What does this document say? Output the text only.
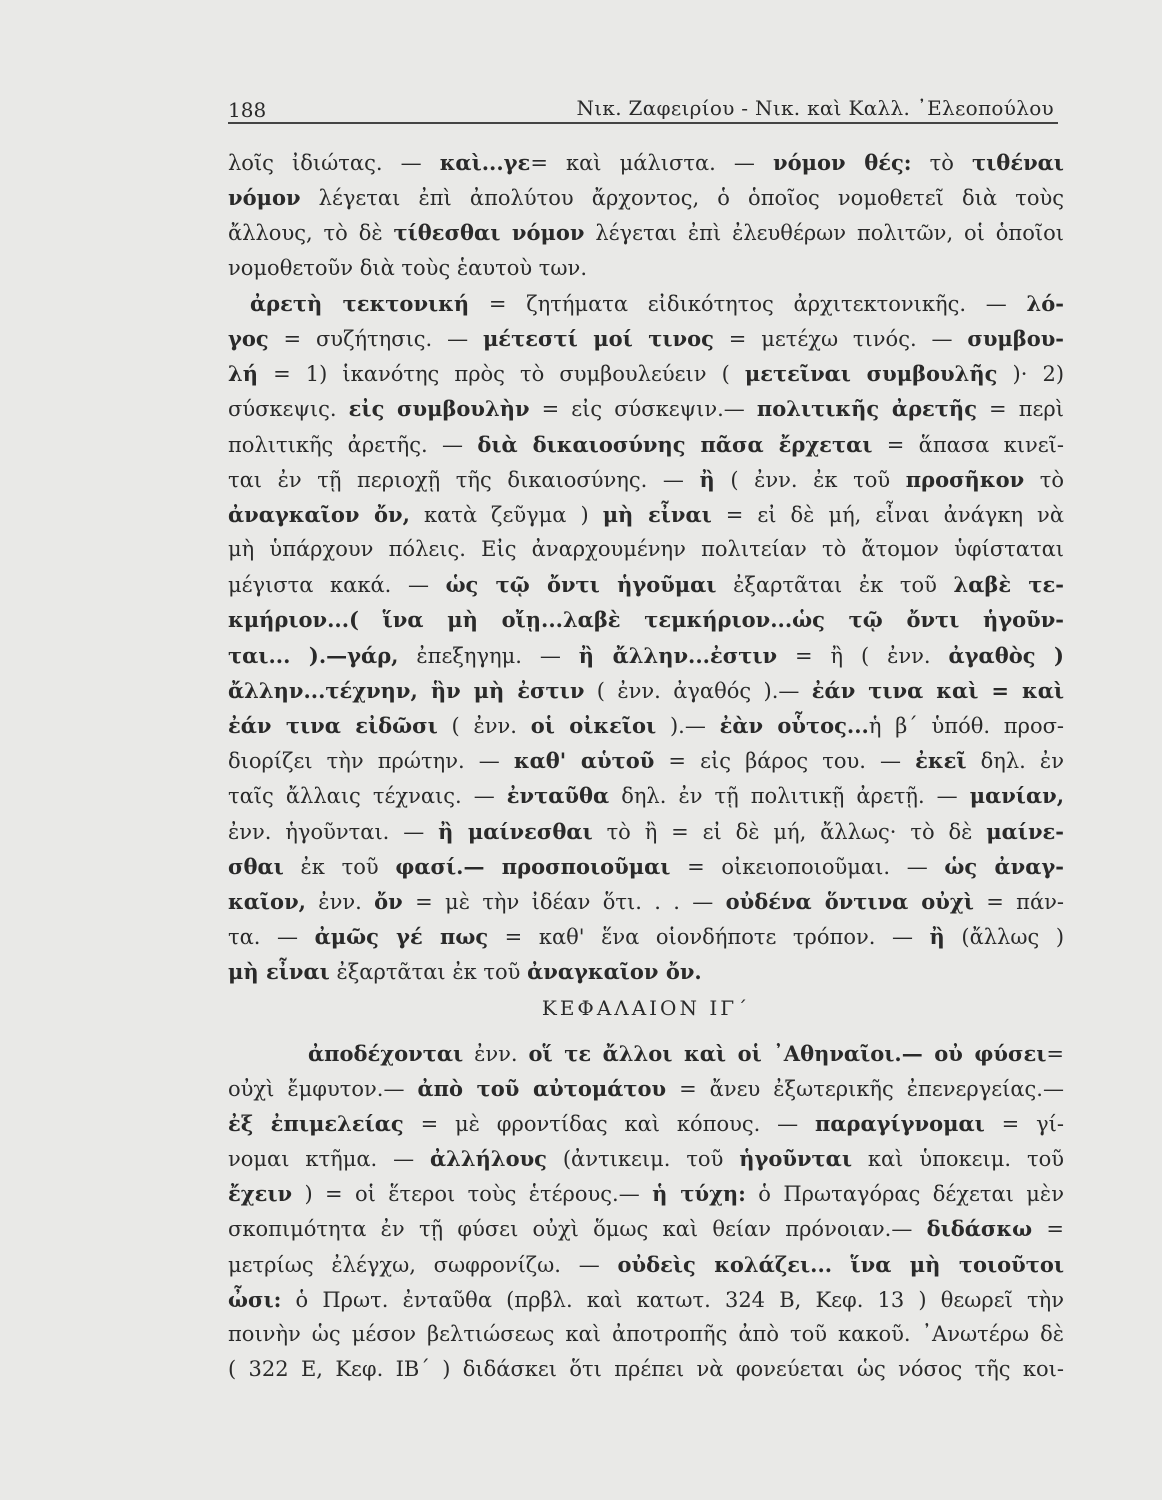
188	Νικ. Ζαφειρίου - Νικ. καὶ Καλλ. ᾿Ελεοπούλου
λοῖς ἰδιώτας. — καὶ...γε= καὶ μάλιστα. — νόμον θές: τὸ τιθέναι
νόμον λέγεται ἐπὶ ἀπολύτου ἄρχοντος, ὁ ὁποῖος νομοθετεῖ διὰ τοὺς
ἄλλους, τὸ δὲ τίθεσθαι νόμον λέγεται ἐπὶ ἐλευθέρων πολιτῶν, οἱ ὁποῖοι
νομοθετοῦν διὰ τοὺς ἑαυτοὺ των.
ἀρετὴ τεκτονική = ζητήματα εἰδικότητος ἀρχιτεκτονικῆς. — λό-
γος = συζήτησις. — μέτεστί μοί τινος = μετέχω τινός. — συμβου-
λή = 1) ἱκανότης πρὸς τὸ συμβουλεύειν ( μετεῖναι συμβουλῆς )· 2)
σύσκεψις. εἰς συμβουλὴν = εἰς σύσκεψιν.— πολιτικῆς ἀρετῆς = περὶ
πολιτικῆς ἀρετῆς. — διὰ δικαιοσύνης πᾶσα ἔρχεται = ἅπασα κινεῖ-
ται ἐν τῇ περιοχῇ τῆς δικαιοσύνης. — ἢ ( ἐνν. ἐκ τοῦ προσῆκον τὸ
ἀναγκαῖον ὄν, κατὰ ζεῦγμα ) μὴ εἶναι = εἰ δὲ μή, εἶναι ἀνάγκη νὰ
μὴ ὑπάρχουν πόλεις. Εἰς ἀναρχουμένην πολιτείαν τὸ ἄτομον ὑφίσταται
μέγιστα κακά. — ὡς τῷ ὄντι ἡγοῦμαι ἐξαρτᾶται ἐκ τοῦ λαβὲ τε-
κμήριον...( ἵνα μὴ οἴῃ...λαβὲ τεμκήριον...ὡς τῷ ὄντι ἡγοῦν-
ται... ).—γάρ, ἐπεξηγημ. — ἢ ἄλλην...ἐστιν = ἢ ( ἐνν. ἀγαθὸς )
ἄλλην...τέχνην, ἣν μὴ ἐστιν ( ἐνν. ἀγαθός ).— ἐάν τινα καὶ = καὶ
ἐάν τινα εἰδῶσι ( ἐνν. οἱ οἰκεῖοι ).— ἐὰν οὗτος...ἡ β΄ ὑπόθ. προσ-
διορίζει τὴν πρώτην. — καθ' αὑτοῦ = εἰς βάρος του. — ἐκεῖ δηλ. ἐν
ταῖς ἄλλαις τέχναις. — ἐνταῦθα δηλ. ἐν τῇ πολιτικῇ ἀρετῇ. — μανίαν,
ἐνν. ἡγοῦνται. — ἢ μαίνεσθαι τὸ ἢ = εἰ δὲ μή, ἄλλως· τὸ δὲ μαίνε-
σθαι ἐκ τοῦ φασί.— προσποιοῦμαι = οἰκειοποιοῦμαι. — ὡς ἀναγ-
καῖον, ἐνν. ὄν = μὲ τὴν ἰδέαν ὅτι. . . — οὐδένα ὅντινα οὐχὶ = πάν-
τα. — ἀμῶς γέ πως = καθ' ἕνα οἱονδήποτε τρόπον. — ἢ (ἄλλως )
μὴ εἶναι ἐξαρτᾶται ἐκ τοῦ ἀναγκαῖον ὄν.
ΚΕΦΑΛΑΙΟΝ ΙΓ΄
ἀποδέχονται ἐνν. οἵ τε ἄλλοι καὶ οἱ ᾿Αθηναῖοι.— οὐ φύσει=
οὐχὶ ἔμφυτον.— ἀπὸ τοῦ αὐτομάτου = ἄνευ ἐξωτερικῆς ἐπενεργείας.—
ἐξ ἐπιμελείας = μὲ φροντίδας καὶ κόπους. — παραγίγνομαι = γί-
νομαι κτῆμα. — ἀλλήλους (ἀντικειμ. τοῦ ἡγοῦνται καὶ ὑποκειμ. τοῦ
ἔχειν ) = οἱ ἕτεροι τοὺς ἑτέρους.— ἡ τύχη: ὁ Πρωταγόρας δέχεται μὲν
σκοπιμότητα ἐν τῇ φύσει οὐχὶ ὅμως καὶ θείαν πρόνοιαν.— διδάσκω =
μετρίως ἐλέγχω, σωφρονίζω. — οὐδεὶς κολάζει... ἵνα μὴ τοιοῦτοι
ὦσι: ὁ Πρωτ. ἐνταῦθα (πρβλ. καὶ κατωτ. 324 B, Κεφ. 13 ) θεωρεῖ τὴν
ποινὴν ὡς μέσον βελτιώσεως καὶ ἀποτροπῆς ἀπὸ τοῦ κακοῦ. ᾿Ανωτέρω δὲ
( 322 E, Κεφ. IB΄ ) διδάσκει ὅτι πρέπει νὰ φονεύεται ὡς νόσος τῆς κοι-
